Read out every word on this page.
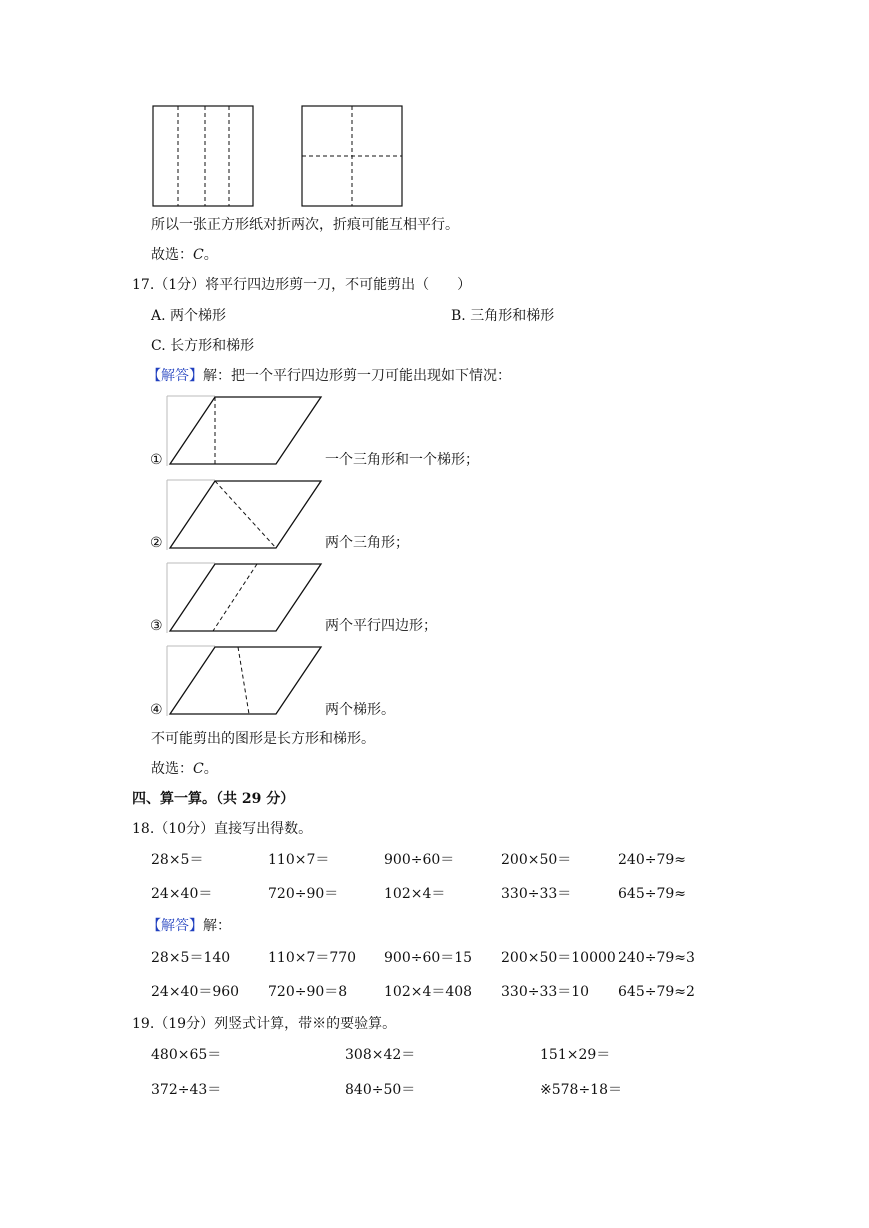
所以一张正方形纸对折两次，折痕可能互相平行。
故选：C。
17.（1分）将平行四边形剪一刀，不可能剪出（　　）
A. 两个梯形	B. 三角形和梯形
C. 长方形和梯形
【解答】解：把一个平行四边形剪一刀可能出现如下情况：
①	一个三角形和一个梯形；
②	两个三角形；
③	两个平行四边形；
④	两个梯形。
不可能剪出的图形是长方形和梯形。
故选：C。
四、算一算。（共 29 分）
18.（10分）直接写出得数。
28×5＝	110×7＝	900÷60＝	200×50＝	240÷79≈
24×40＝	720÷90＝	102×4＝	330÷33＝	645÷79≈
【解答】解：
28×5＝140	110×7＝770 900÷60＝15 200×50＝10000 240÷79≈3
24×40＝960 720÷90＝8	102×4＝408 330÷33＝10 645÷79≈2
19.（19分）列竖式计算，带※的要验算。
480×65＝	308×42＝	151×29＝
372÷43＝	840÷50＝	※578÷18＝
